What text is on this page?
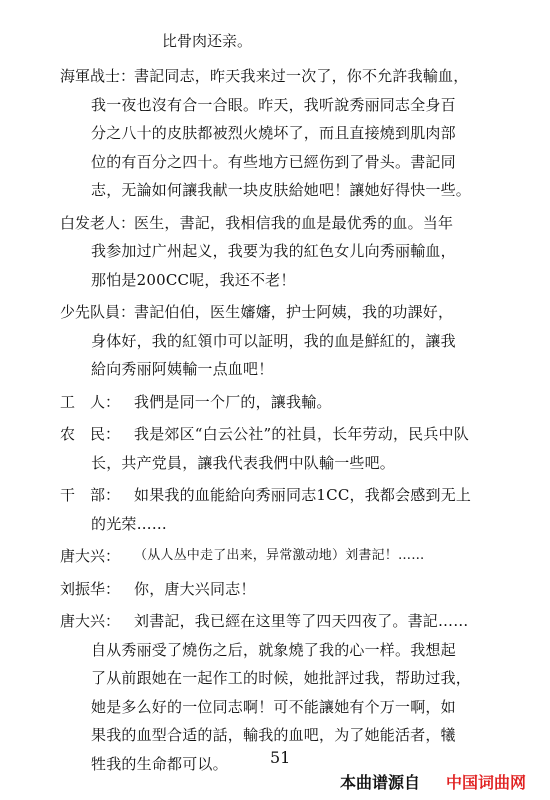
比骨肉还亲。
海軍战士：
書記同志，昨天我来过一次了，你不允許我輸血，
我一夜也沒有合一合眼。昨天，我听說秀丽同志全身百
分之八十的皮肤都被烈火燒坏了，而且直接燒到肌肉部
位的有百分之四十。有些地方已經伤到了骨头。書記同
志，无論如何讓我献一块皮肤給她吧！讓她好得快一些。
白发老人：
医生，書記，我相信我的血是最优秀的血。当年
我参加过广州起义，我要为我的紅色女儿向秀丽輸血，
那怕是200CC呢，我还不老！
少先队員：
書記伯伯，医生嬸嬸，护士阿姨，我的功課好，
身体好，我的紅領巾可以証明，我的血是鮮紅的，讓我
給向秀丽阿姨輸一点血吧！
工　人： 我們是同一个厂的，讓我輸。
农　民： 我是郊区“白云公社”的社員，长年劳动，民兵中队
长，共产党員，讓我代表我們中队輸一些吧。
干　部： 如果我的血能給向秀丽同志1CC，我都会感到无上
的光荣……
唐大兴： （从人丛中走了出来，异常激动地）刘書記！……
刘振华： 你，唐大兴同志！
唐大兴： 刘書記，我已經在这里等了四天四夜了。書記……
自从秀丽受了燒伤之后，就象燒了我的心一样。我想起
了从前跟她在一起作工的时候，她批評过我，帮助过我，
她是多么好的一位同志啊！可不能讓她有个万一啊，如
果我的血型合适的話，輸我的血吧，为了她能活者，犧
牲我的生命都可以。	51
本曲谱源自 中国词曲网
